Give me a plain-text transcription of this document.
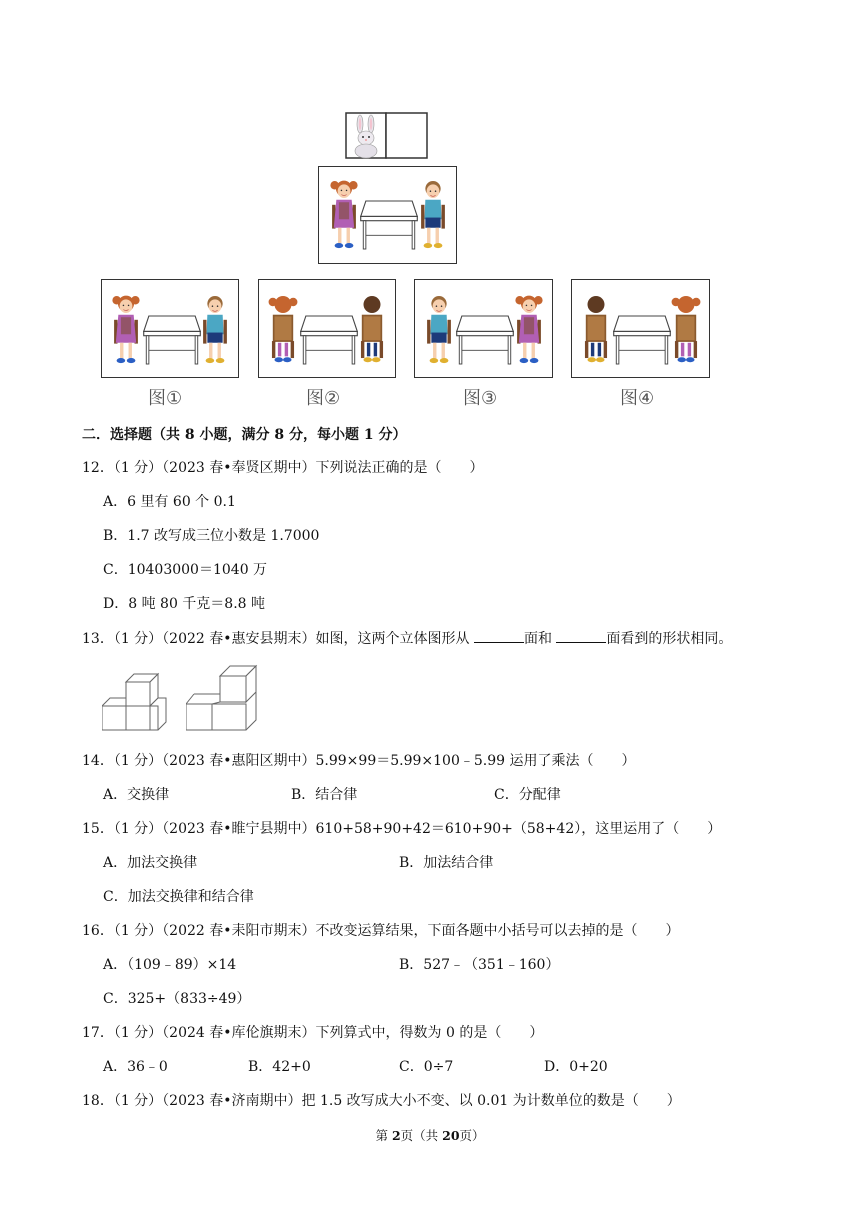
图①	图②	图③	图④
二．选择题（共 8 小题，满分 8 分，每小题 1 分）
12．（1 分）（2023 春•奉贤区期中）下列说法正确的是（　　）
A．6 里有 60 个 0.1
B．1.7 改写成三位小数是 1.7000
C．10403000＝1040 万
D．8 吨 80 千克＝8.8 吨
13．（1 分）（2022 春•惠安县期末）如图，这两个立体图形从	面和	面看到的形状相同。
14．（1 分）（2023 春•惠阳区期中）5.99×99＝5.99×100﹣5.99 运用了乘法（　　）
A．交换律	B．结合律	C．分配律
15．（1 分）（2023 春•睢宁县期中）610+58+90+42＝610+90+（58+42），这里运用了（　　）
A．加法交换律	B．加法结合律
C．加法交换律和结合律
16．（1 分）（2022 春•耒阳市期末）不改变运算结果，下面各题中小括号可以去掉的是（　　）
A．（109﹣89）×14	B．527﹣（351﹣160）
C．325+（833÷49）
17．（1 分）（2024 春•库伦旗期末）下列算式中，得数为 0 的是（　　）
A．36﹣0	B．42+0	C．0÷7	D．0+20
18．（1 分）（2023 春•济南期中）把 1.5 改写成大小不变、以 0.01 为计数单位的数是（　　）
第 2页（共 20页）
